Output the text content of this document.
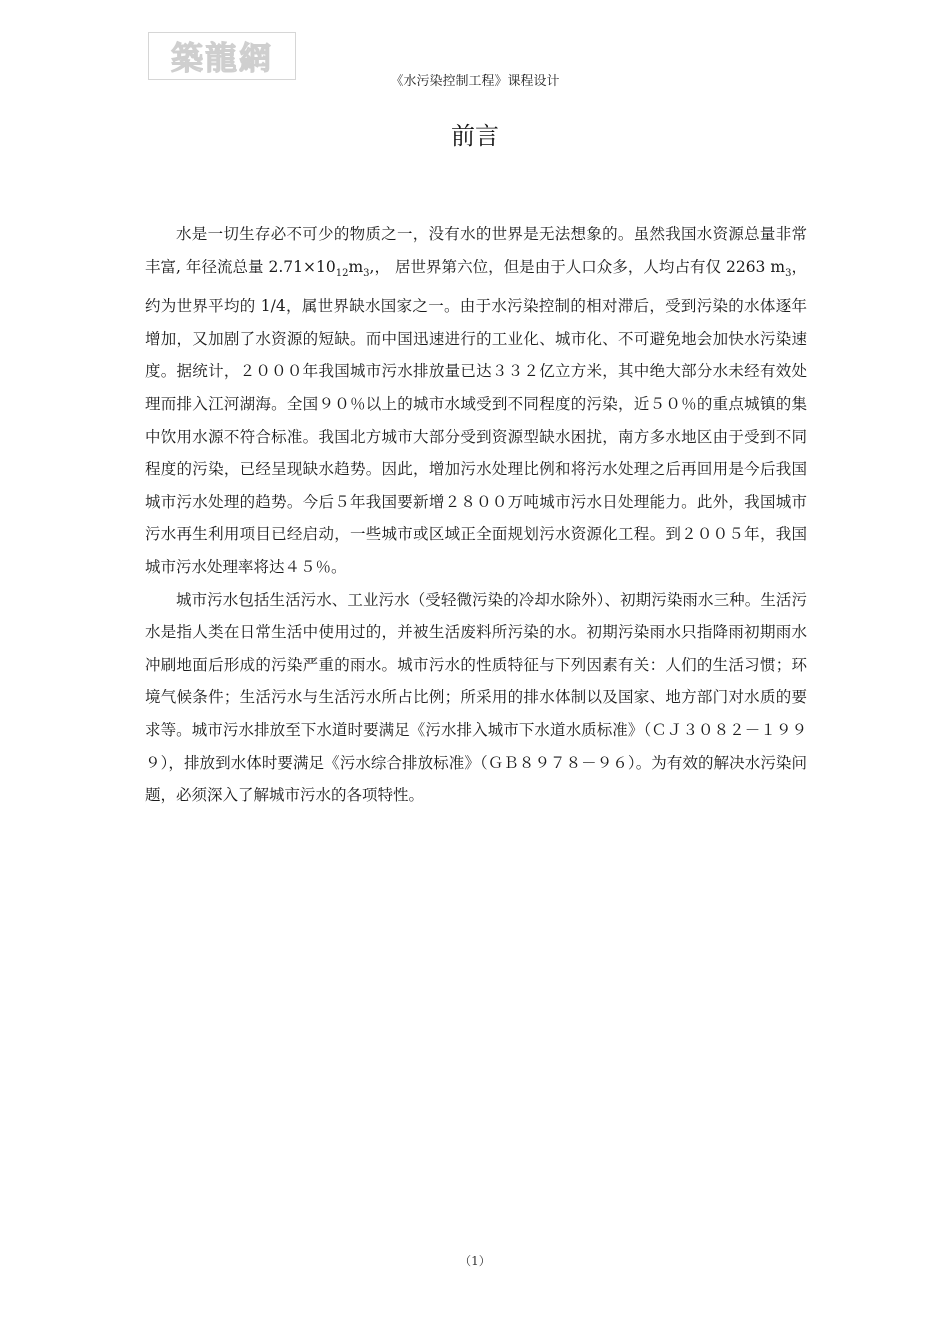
築龍網
《水污染控制工程》课程设计
前言

水是一切生存必不可少的物质之一，没有水的世界是无法想象的。虽然我国水资源总量非常丰富, 年径流总量 $2.71\times 10_{12}m_3$,， 居世界第六位，但是由于人口众多，人均占有仅 2263 $m_3$，约为世界平均的 1/4，属世界缺水国家之一。由于水污染控制的相对滞后，受到污染的水体逐年增加，又加剧了水资源的短缺。而中国迅速进行的工业化、城市化、不可避免地会加快水污染速度。据统计，２０００年我国城市污水排放量已达３３２亿立方米，其中绝大部分水未经有效处理而排入江河湖海。全国９０％以上的城市水域受到不同程度的污染，近５０％的重点城镇的集中饮用水源不符合标准。我国北方城市大部分受到资源型缺水困扰，南方多水地区由于受到不同程度的污染，已经呈现缺水趋势。因此，增加污水处理比例和将污水处理之后再回用是今后我国城市污水处理的趋势。今后５年我国要新增２８００万吨城市污水日处理能力。此外，我国城市污水再生利用项目已经启动，一些城市或区域正全面规划污水资源化工程。到２００５年，我国城市污水处理率将达４５％。

城市污水包括生活污水、工业污水（受轻微污染的冷却水除外）、初期污染雨水三种。生活污水是指人类在日常生活中使用过的，并被生活废料所污染的水。初期污染雨水只指降雨初期雨水冲刷地面后形成的污染严重的雨水。城市污水的性质特征与下列因素有关：人们的生活习惯；环境气候条件；生活污水与生活污水所占比例；所采用的排水体制以及国家、地方部门对水质的要求等。城市污水排放至下水道时要满足《污水排入城市下水道水质标准》（ＣＪ３０８２－１９９９），排放到水体时要满足《污水综合排放标准》（ＧＢ８９７８－９６）。为有效的解决水污染问题，必须深入了解城市污水的各项特性。

（1）
